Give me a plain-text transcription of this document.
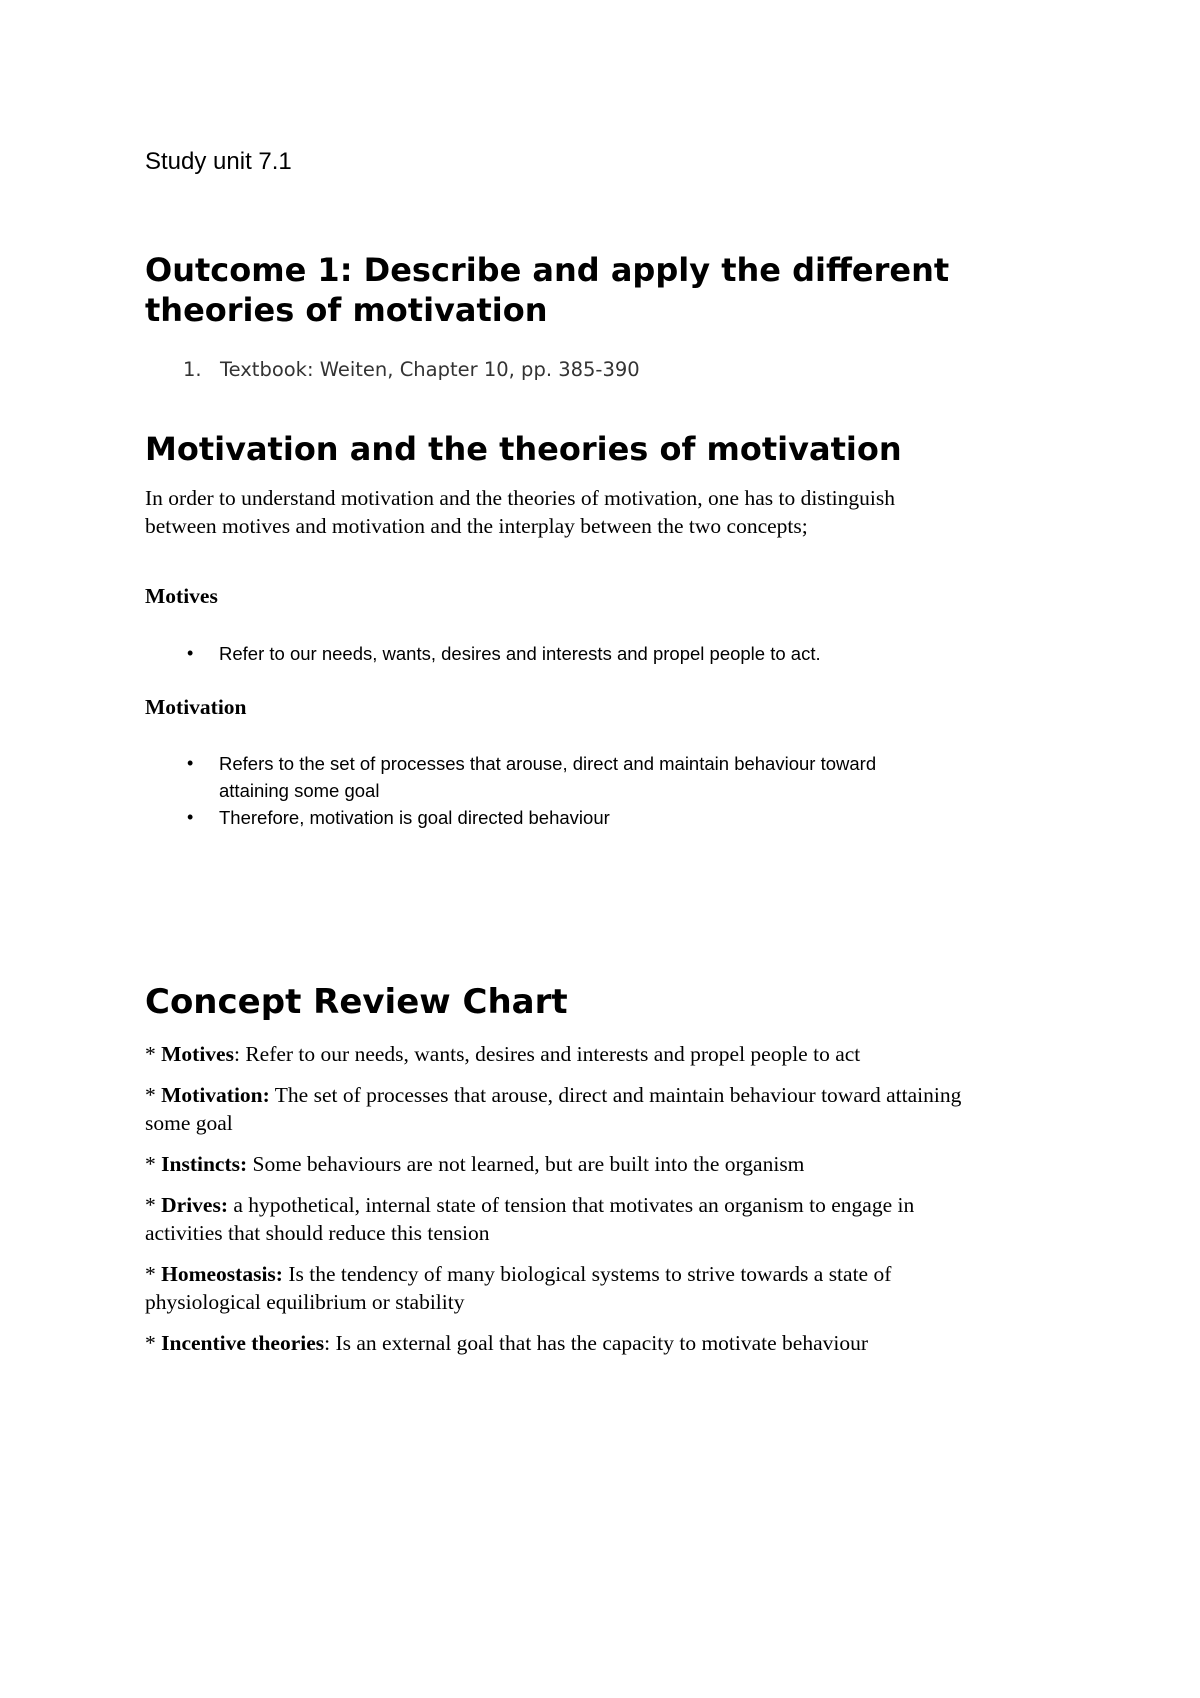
Study unit 7.1
Outcome 1: Describe and apply the different theories of motivation
1. Textbook: Weiten, Chapter 10, pp. 385-390
Motivation and the theories of motivation
In order to understand motivation and the theories of motivation, one has to distinguish between motives and motivation and the interplay between the two concepts;
Motives
• Refer to our needs, wants, desires and interests and propel people to act.
Motivation
• Refers to the set of processes that arouse, direct and maintain behaviour toward attaining some goal
• Therefore, motivation is goal directed behaviour
Concept Review Chart

* Motives: Refer to our needs, wants, desires and interests and propel people to act

* Motivation: The set of processes that arouse, direct and maintain behaviour toward attaining some goal

* Instincts: Some behaviours are not learned, but are built into the organism

* Drives: a hypothetical, internal state of tension that motivates an organism to engage in activities that should reduce this tension

* Homeostasis: Is the tendency of many biological systems to strive towards a state of physiological equilibrium or stability

* Incentive theories: Is an external goal that has the capacity to motivate behaviour
